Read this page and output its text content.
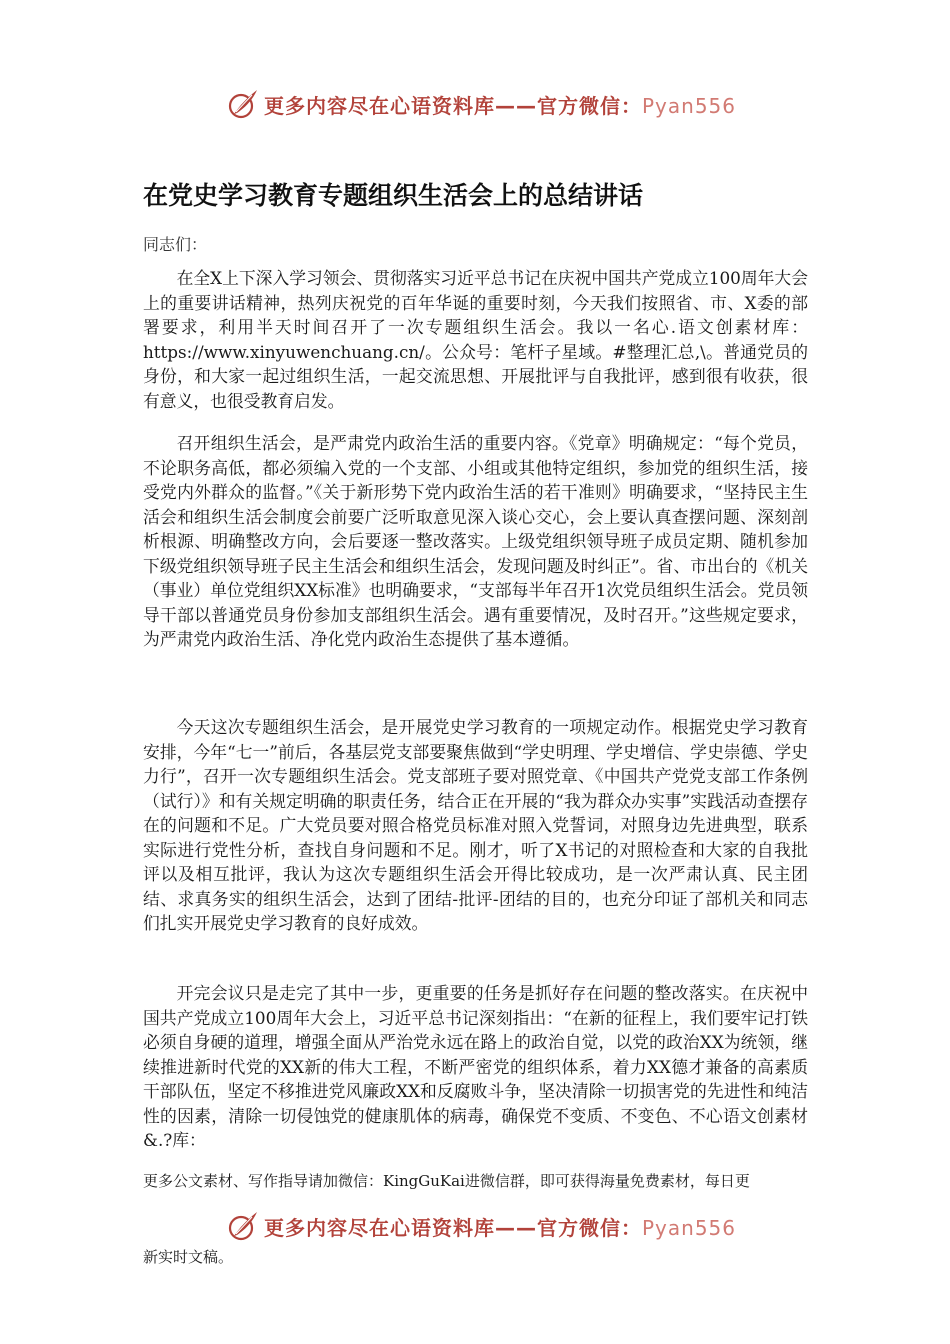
更多内容尽在心语资料库——官方微信：Pyan556
在党史学习教育专题组织生活会上的总结讲话

同志们：

在全X上下深入学习领会、贯彻落实习近平总书记在庆祝中国共产党成立100周年大会上的重要讲话精神，热列庆祝党的百年华诞的重要时刻，今天我们按照省、市、X委的部署要求，利用半天时间召开了一次专题组织生活会。我以一名心.语文创素材库：https://www.xinyuwenchuang.cn/。公众号：笔杆子星域。#整理汇总,\。普通党员的身份，和大家一起过组织生活，一起交流思想、开展批评与自我批评，感到很有收获，很有意义，也很受教育启发。

召开组织生活会，是严肃党内政治生活的重要内容。《党章》明确规定：“每个党员，不论职务高低，都必须编入党的一个支部、小组或其他特定组织，参加党的组织生活，接受党内外群众的监督。”《关于新形势下党内政治生活的若干准则》明确要求，“坚持民主生活会和组织生活会制度会前要广泛听取意见深入谈心交心，会上要认真查摆问题、深刻剖析根源、明确整改方向，会后要逐一整改落实。上级党组织领导班子成员定期、随机参加下级党组织领导班子民主生活会和组织生活会，发现问题及时纠正”。省、市出台的《机关（事业）单位党组织XX标准》也明确要求，“支部每半年召开1次党员组织生活会。党员领导干部以普通党员身份参加支部组织生活会。遇有重要情况，及时召开。”这些规定要求，为严肃党内政治生活、净化党内政治生态提供了基本遵循。

今天这次专题组织生活会，是开展党史学习教育的一项规定动作。根据党史学习教育安排，今年“七一”前后，各基层党支部要聚焦做到“学史明理、学史增信、学史崇德、学史力行”，召开一次专题组织生活会。党支部班子要对照党章、《中国共产党党支部工作条例（试行）》和有关规定明确的职责任务，结合正在开展的“我为群众办实事”实践活动查摆存在的问题和不足。广大党员要对照合格党员标准对照入党誓词，对照身边先进典型，联系实际进行党性分析，查找自身问题和不足。刚才，听了X书记的对照检查和大家的自我批评以及相互批评，我认为这次专题组织生活会开得比较成功，是一次严肃认真、民主团结、求真务实的组织生活会，达到了团结-批评-团结的目的，也充分印证了部机关和同志们扎实开展党史学习教育的良好成效。

开完会议只是走完了其中一步，更重要的任务是抓好存在问题的整改落实。在庆祝中国共产党成立100周年大会上，习近平总书记深刻指出：“在新的征程上，我们要牢记打铁必须自身硬的道理，增强全面从严治党永远在路上的政治自觉，以党的政治XX为统领，继续推进新时代党的XX新的伟大工程，不断严密党的组织体系，着力XX德才兼备的高素质干部队伍，坚定不移推进党风廉政XX和反腐败斗争，坚决清除一切损害党的先进性和纯洁性的因素，清除一切侵蚀党的健康肌体的病毒，确保党不变质、不变色、不心语文创素材&.?库：

更多公文素材、写作指导请加微信：KingGuKai进微信群，即可获得海量免费素材，每日更

更多内容尽在心语资料库——官方微信：Pyan556

新实时文稿。
